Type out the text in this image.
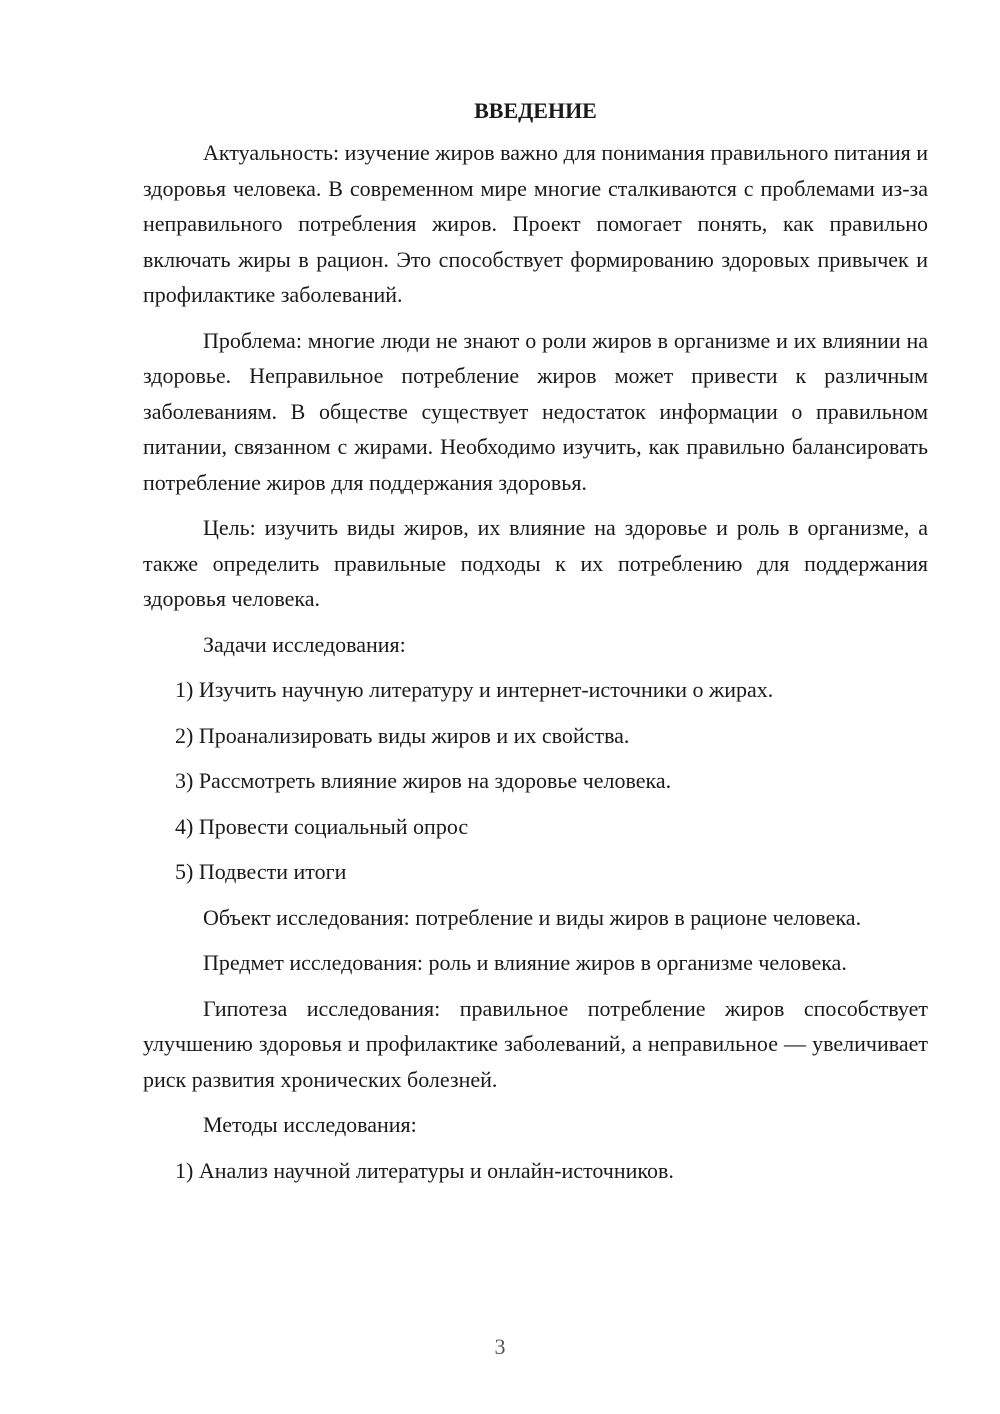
ВВЕДЕНИЕ

Актуальность: изучение жиров важно для понимания правильного питания и здоровья человека. В современном мире многие сталкиваются с проблемами из-за неправильного потребления жиров. Проект помогает понять, как правильно включать жиры в рацион. Это способствует формированию здоровых привычек и профилактике заболеваний.

Проблема: многие люди не знают о роли жиров в организме и их влиянии на здоровье. Неправильное потребление жиров может привести к различным заболеваниям. В обществе существует недостаток информации о правильном питании, связанном с жирами. Необходимо изучить, как правильно балансировать потребление жиров для поддержания здоровья.

Цель: изучить виды жиров, их влияние на здоровье и роль в организме, а также определить правильные подходы к их потреблению для поддержания здоровья человека.

Задачи исследования:

1) Изучить научную литературу и интернет-источники о жирах.
2) Проанализировать виды жиров и их свойства.
3) Рассмотреть влияние жиров на здоровье человека.
4) Провести социальный опрос
5) Подвести итоги

Объект исследования: потребление и виды жиров в рационе человека.

Предмет исследования: роль и влияние жиров в организме человека.

Гипотеза исследования: правильное потребление жиров способствует улучшению здоровья и профилактике заболеваний, а неправильное — увеличивает риск развития хронических болезней.

Методы исследования:

1) Анализ научной литературы и онлайн-источников.
3
